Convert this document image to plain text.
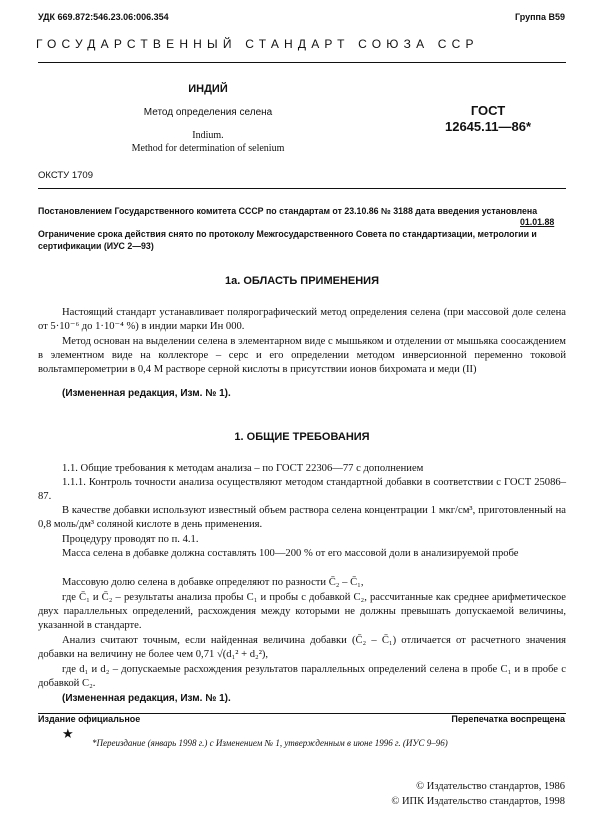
УДК 669.872:546.23.06:006.354	Группа В59
ГОСУДАРСТВЕННЫЙ СТАНДАРТ СОЮЗА ССР
ИНДИЙ
Метод определения селена
Indium.
Method for determination of selenium
ГОСТ
12645.11—86*
ОКСТУ 1709
Постановлением Государственного комитета СССР по стандартам от 23.10.86 № 3188 дата введения установлена
01.01.88
Ограничение срока действия снято по протоколу Межгосударственного Совета по стандартизации, метрологии и сертификации (ИУС 2—93)
1а. ОБЛАСТЬ ПРИМЕНЕНИЯ
Настоящий стандарт устанавливает полярографический метод определения селена (при массовой доле селена от 5·10⁻⁶ до 1·10⁻⁴ %) в индии марки Ин 000.
Метод основан на выделении селена в элементарном виде с мышьяком и отделении от мышьяка соосаждением в элементном виде на коллекторе – серс и его определении методом инверсионной переменно токовой вольтамперометрии в 0,4 М растворе серной кислоты в присутствии ионов бихромата и меди (II)
(Измененная редакция, Изм. № 1).
1. ОБЩИЕ ТРЕБОВАНИЯ
1.1. Общие требования к методам анализа – по ГОСТ 22306—77 с дополнением
1.1.1. Контроль точности анализа осуществляют методом стандартной добавки в соответствии с ГОСТ 25086–87.
В качестве добавки используют известный объем раствора селена концентрации 1 мкг/см³, приготовленный на 0,8 моль/дм³ соляной кислоте в день применения.
Процедуру проводят по п. 4.1.
Масса селена в добавке должна составлять 100—200 % от его массовой доли в анализируемой пробе
Массовую долю селена в добавке определяют по разности C̄₂ – C̄₁,
где C̄₁ и C̄₂ – результаты анализа пробы C₁ и пробы с добавкой C₂, рассчитанные как среднее арифметическое двух параллельных определений, расхождения между которыми не должны превышать допускаемой величины, указанной в стандарте.
Анализ считают точным, если найденная величина добавки (C̄₂ – C̄₁) отличается от расчетного значения добавки на величину не более чем 0,71 √(d₁² + d₂²),
где d₁ и d₂ – допускаемые расхождения результатов параллельных определений селена в пробе C₁ и в пробе с добавкой C₂.
(Измененная редакция, Изм. № 1).
Издание официальное	Перепечатка воспрещена
★
*Переиздание (январь 1998 г.) с Изменением № 1, утвержденным в июне 1996 г. (ИУС 9–96)
© Издательство стандартов, 1986
© ИПК Издательство стандартов, 1998
